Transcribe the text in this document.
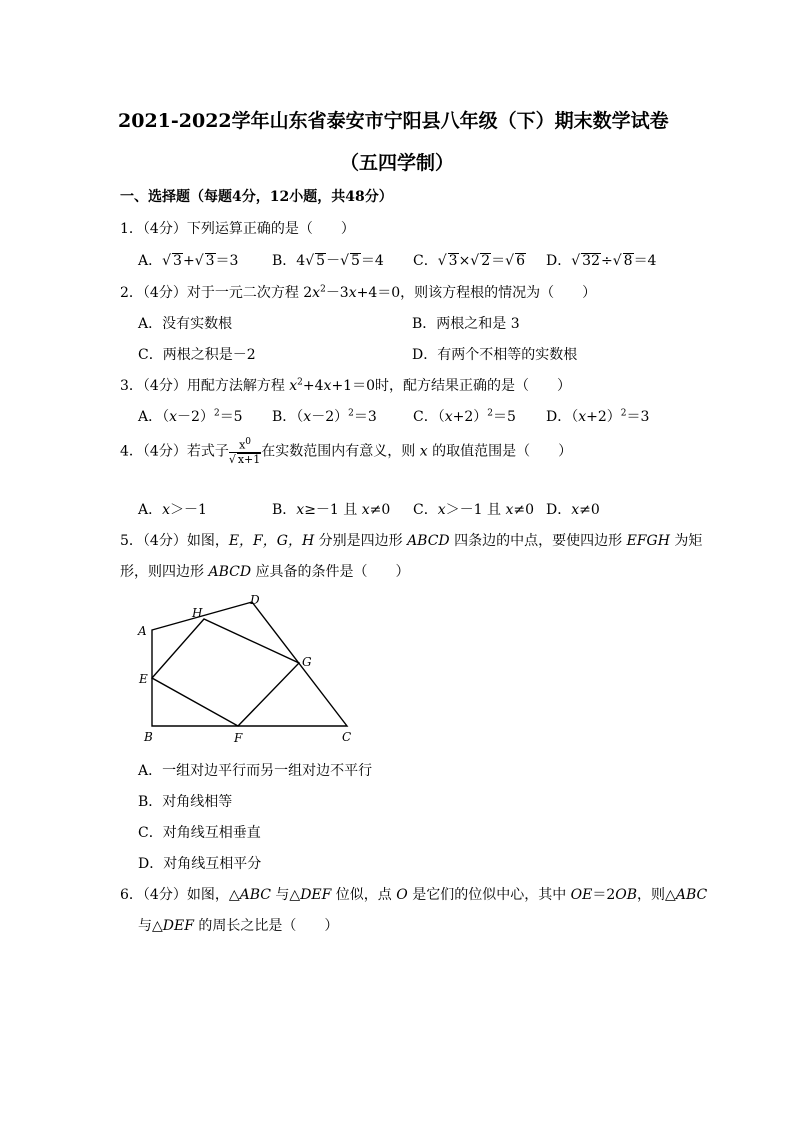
2021-2022学年山东省泰安市宁阳县八年级（下）期末数学试卷
（五四学制）
一、选择题（每题4分，12小题，共48分）
1．（4分）下列运算正确的是（　　）
A．√ 3+√ 3＝3 B．4√ 5－√ 5＝4 C．√ 3×√ 2＝√ 6 D．√ 32÷√ 8＝4
2．（4分）对于一元二次方程 $2x^2-3x+4=0$，则该方程根的情况为（　　）
A．没有实数根	B．两根之和是 3
C．两根之积是－2	D．有两个不相等的实数根
3．（4分）用配方法解方程 $x^2+4x+1=0$时，配方结果正确的是（　　）
A．$(x-2)^2=5$ B．$(x-2)^2=3$	C．$(x+2)^2=5$ D．$(x+2)^2=3$
4．（4分）若式子 $\frac{x^0}{√ x+1}$ 在实数范围内有意义，则 x 的取值范围是（　　）
A．x＞－1	B．x≥－1 且 x≠0 C．x＞－1 且 x≠0 D．x≠0
5．（4分）如图，E，F，G，H 分别是四边形 ABCD 四条边的中点，要使四边形 EFGH 为矩
形，则四边形 ABCD 应具备的条件是（　　）
A
H
D
G
E
B	F	C
A．一组对边平行而另一组对边不平行
B．对角线相等
C．对角线互相垂直
D．对角线互相平分
6．（4分）如图，△ABC 与△DEF 位似，点 O 是它们的位似中心，其中 OE＝2OB，则△ABC
与△DEF 的周长之比是（　　）
